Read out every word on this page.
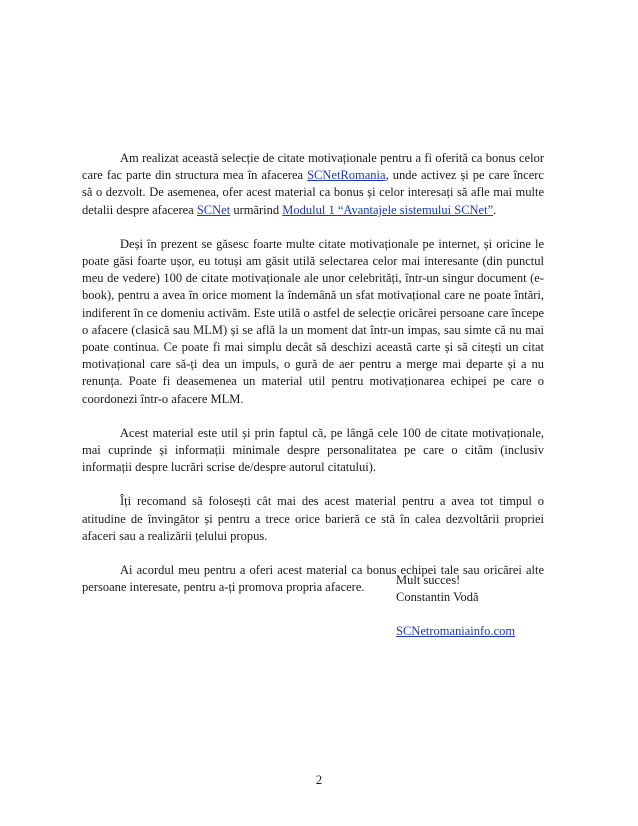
Am realizat această selecție de citate motivaționale pentru a fi oferită ca bonus celor care fac parte din structura mea în afacerea SCNetRomania, unde activez și pe care încerc să o dezvolt. De asemenea, ofer acest material ca bonus și celor interesați să afle mai multe detalii despre afacerea SCNet urmărind Modulul 1 “Avantajele sistemului SCNet”.

Deși în prezent se găsesc foarte multe citate motivaționale pe internet, și oricine le poate găsi foarte ușor, eu totuși am găsit utilă selectarea celor mai interesante (din punctul meu de vedere) 100 de citate motivaționale ale unor celebrități, într-un singur document (e-book), pentru a avea în orice moment la îndemână un sfat motivațional care ne poate întări, indiferent în ce domeniu activăm. Este utilă o astfel de selecție oricărei persoane care începe o afacere (clasică sau MLM) și se află la un moment dat într-un impas, sau simte că nu mai poate continua. Ce poate fi mai simplu decât să deschizi această carte și să citești un citat motivațional care să-ți dea un impuls, o gură de aer pentru a merge mai departe și a nu renunța. Poate fi deasemenea un material util pentru motivaționarea echipei pe care o coordonezi într-o afacere MLM.

Acest material este util și prin faptul că, pe lângă cele 100 de citate motivaționale, mai cuprinde și informații minimale despre personalitatea pe care o citâm (inclusiv informații despre lucrări scrise de/despre autorul citatului).

Îți recomand să folosești cât mai des acest material pentru a avea tot timpul o atitudine de învingător și pentru a trece orice barieră ce stă în calea dezvoltării propriei afaceri sau a realizării țelului propus.

Ai acordul meu pentru a oferi acest material ca bonus echipei tale sau oricărei alte persoane interesate, pentru a-ți promova propria afacere.

Mult succes!
Constantin Vodă
SCNetromaniainfo.com
2
